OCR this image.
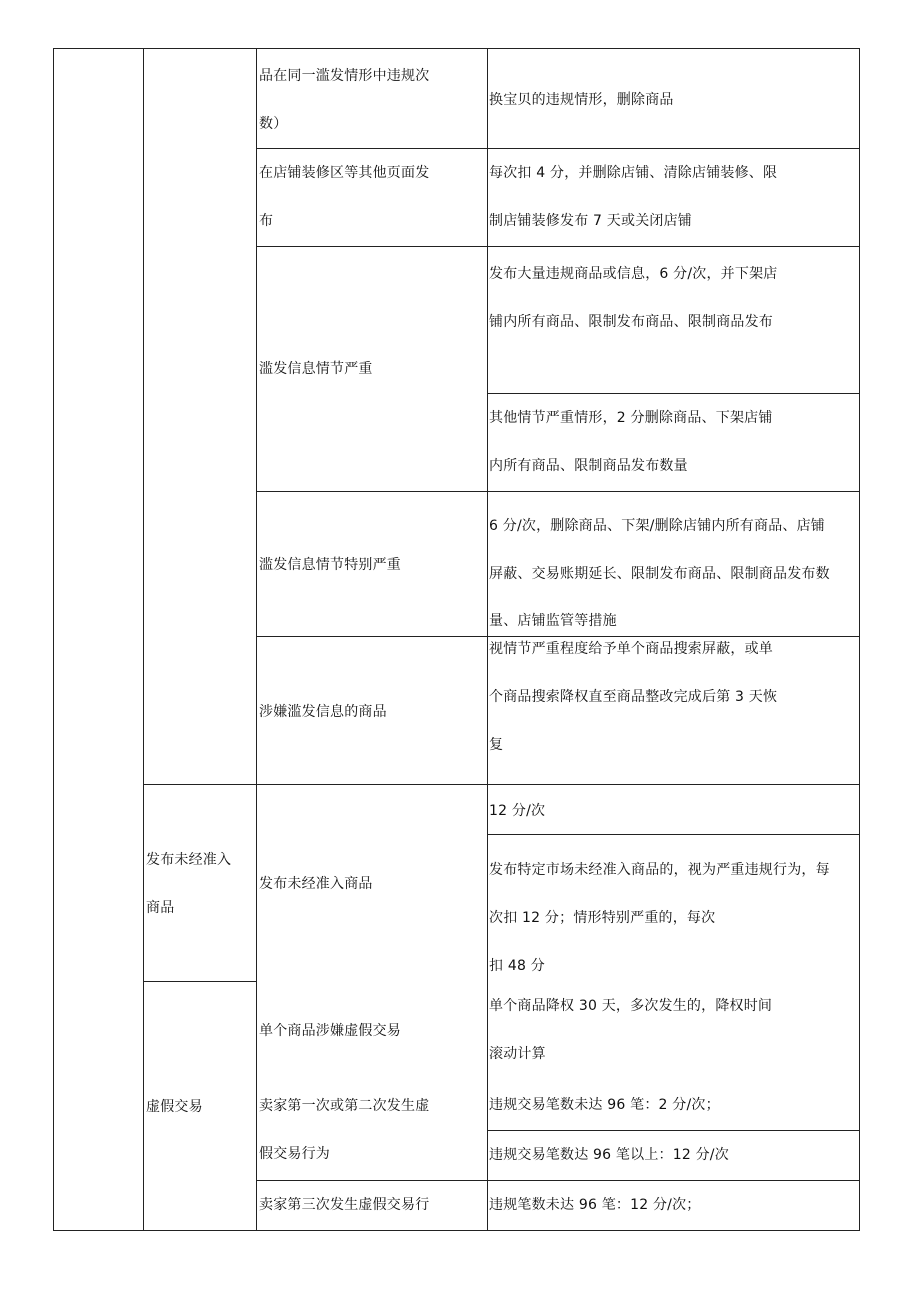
发布未经准入
商品
虚假交易
品在同一滥发情形中违规次
数）
在店铺装修区等其他页面发
布
滥发信息情节严重
滥发信息情节特别严重
涉嫌滥发信息的商品
发布未经准入商品
单个商品涉嫌虚假交易
卖家第一次或第二次发生虚
假交易行为
卖家第三次发生虚假交易行
换宝贝的违规情形，删除商品
每次扣 4 分，并删除店铺、清除店铺装修、限
制店铺装修发布 7 天或关闭店铺
发布大量违规商品或信息，6 分/次，并下架店
铺内所有商品、限制发布商品、限制商品发布
其他情节严重情形，2 分删除商品、下架店铺
内所有商品、限制商品发布数量
6 分/次，删除商品、下架/删除店铺内所有商品、店铺
屏蔽、交易账期延长、限制发布商品、限制商品发布数
量、店铺监管等措施
视情节严重程度给予单个商品搜索屏蔽，或单
个商品搜索降权直至商品整改完成后第 3 天恢
复
12 分/次
发布特定市场未经准入商品的，视为严重违规行为，每
次扣 12 分；情形特别严重的，每次
扣 48 分
单个商品降权 30 天，多次发生的，降权时间
滚动计算
违规交易笔数未达 96 笔：2 分/次；
违规交易笔数达 96 笔以上：12 分/次
违规笔数未达 96 笔：12 分/次；
